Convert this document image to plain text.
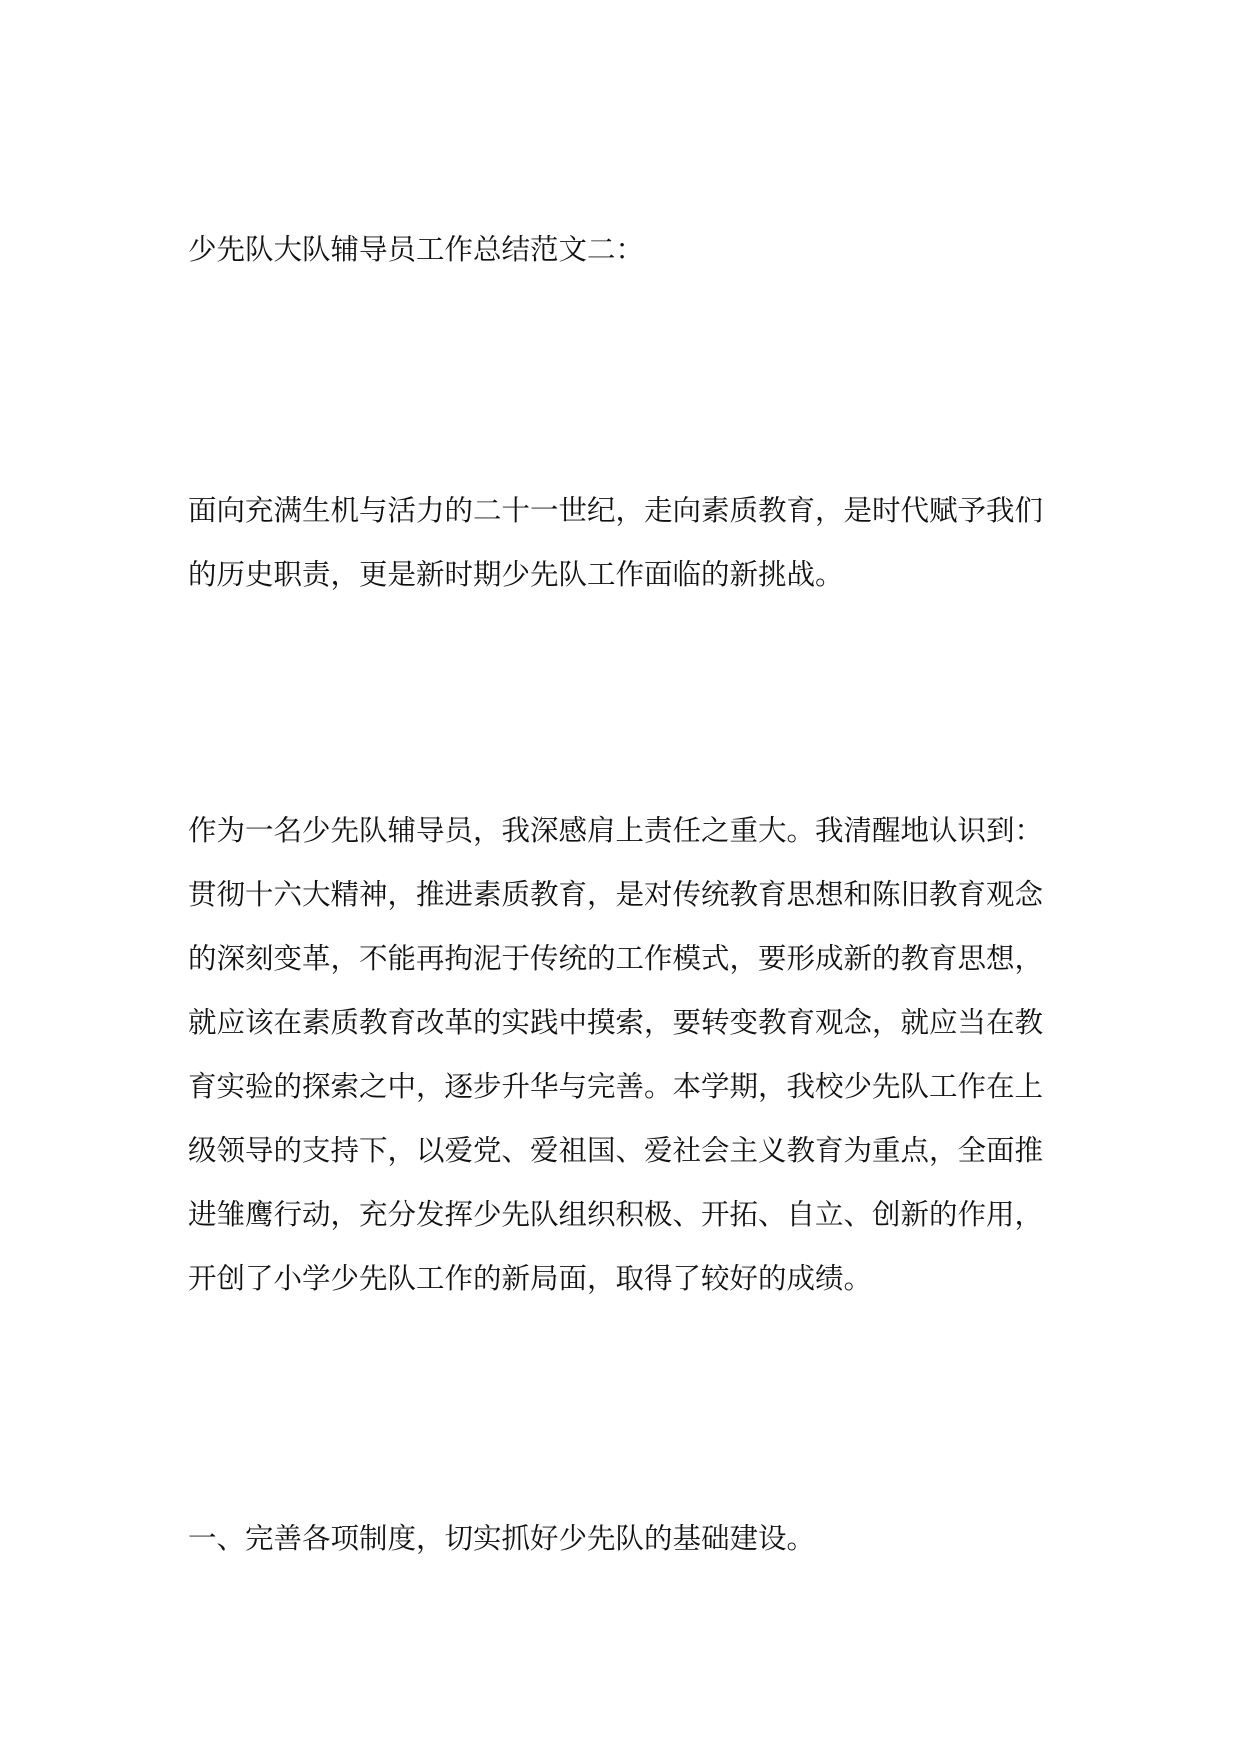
少先队大队辅导员工作总结范文二：
面向充满生机与活力的二十一世纪，走向素质教育，是时代赋予我们
的历史职责，更是新时期少先队工作面临的新挑战。
作为一名少先队辅导员，我深感肩上责任之重大。我清醒地认识到：
贯彻十六大精神，推进素质教育，是对传统教育思想和陈旧教育观念
的深刻变革，不能再拘泥于传统的工作模式，要形成新的教育思想，
就应该在素质教育改革的实践中摸索，要转变教育观念，就应当在教
育实验的探索之中，逐步升华与完善。本学期，我校少先队工作在上
级领导的支持下，以爱党、爱祖国、爱社会主义教育为重点，全面推
进雏鹰行动，充分发挥少先队组织积极、开拓、自立、创新的作用，
开创了小学少先队工作的新局面，取得了较好的成绩。
一、完善各项制度，切实抓好少先队的基础建设。
